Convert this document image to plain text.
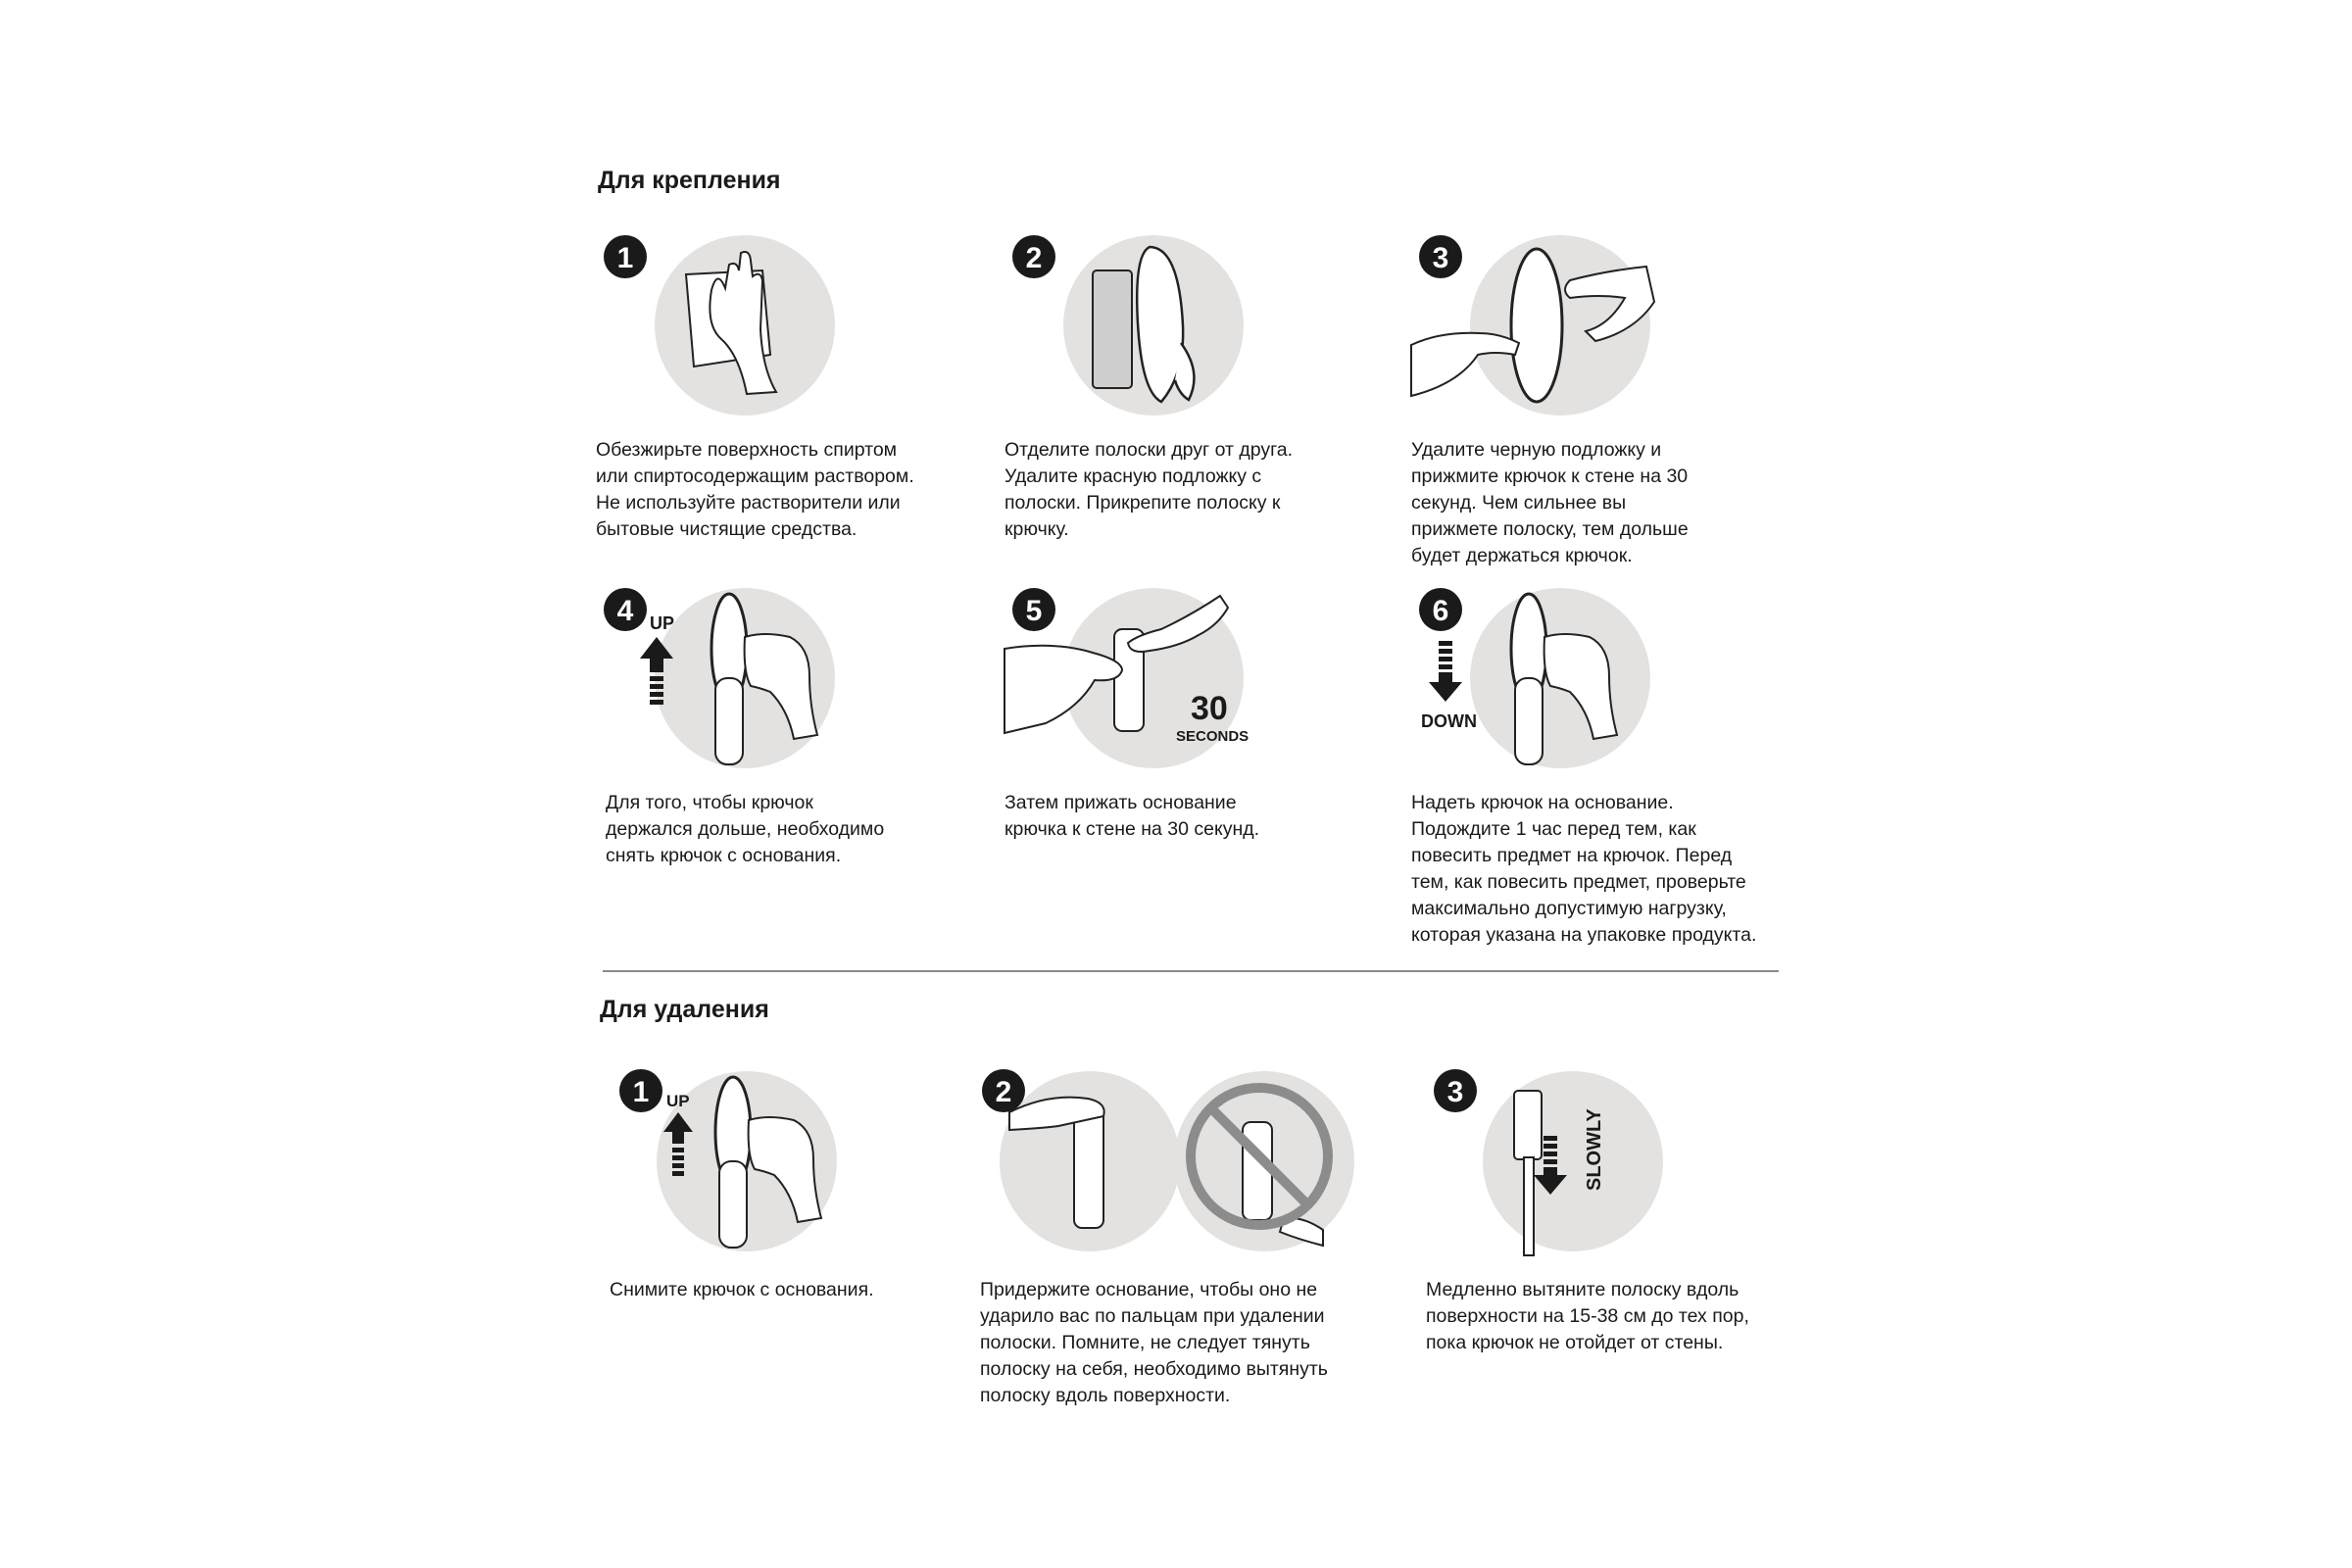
Для крепления
1

Обезжирьте поверхность спиртом
или спиртосодержащим раствором.
Не используйте растворители или
бытовые чистящие средства.

2

Отделите полоски друг от друга.
Удалите красную подложку с
полоски. Прикрепите полоску к
крючку.

3

Удалите черную подложку и
прижмите крючок к стене на 30
секунд. Чем сильнее вы
прижмете полоску, тем дольше
будет держаться крючок.

UP
4

Для того, чтобы крючок
держался дольше, необходимо
снять крючок с основания.

30
SECONDS
5

Затем прижать основание
крючка к стене на 30 секунд.

DOWN
6

Надеть крючок на основание.
Подождите 1 час перед тем, как
повесить предмет на крючок. Перед
тем, как повесить предмет, проверьте
максимально допустимую нагрузку,
которая указана на упаковке продукта.

Для удаления
UP
1

Снимите крючок с основания.

2

Придержите основание, чтобы оно не
ударило вас по пальцам при удалении
полоски. Помните, не следует тянуть
полоску на себя, необходимо вытянуть
полоску вдоль поверхности.

SLOWLY
3

Медленно вытяните полоску вдоль
поверхности на 15-38 см до тех пор,
пока крючок не отойдет от стены.
